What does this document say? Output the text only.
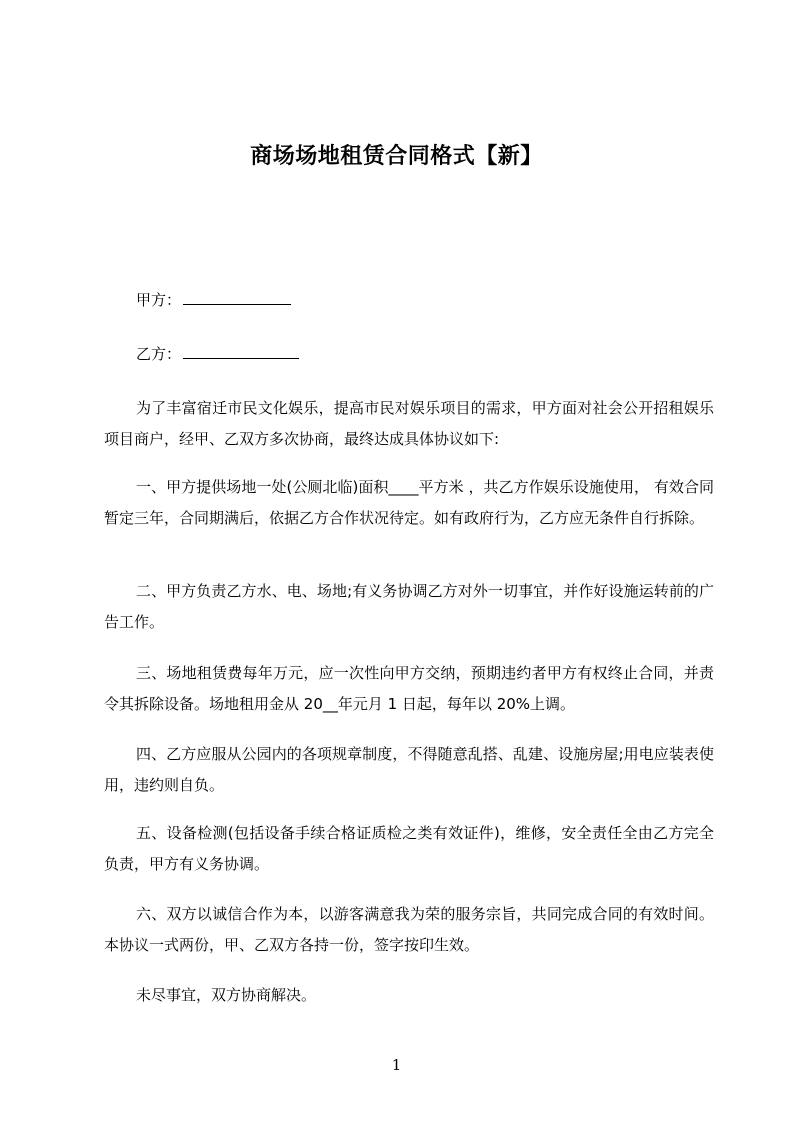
商场场地租赁合同格式【新】
甲方：
乙方：
为了丰富宿迁市民文化娱乐，提高市民对娱乐项目的需求，甲方面对社会公开招租娱乐项目商户，经甲、乙双方多次协商，最终达成具体协议如下:
一、甲方提供场地一处(公厕北临)面积____平方米 ，共乙方作娱乐设施使用， 有效合同暂定三年，合同期满后，依据乙方合作状况待定。如有政府行为，乙方应无条件自行拆除。
二、甲方负责乙方水、电、场地;有义务协调乙方对外一切事宜，并作好设施运转前的广告工作。
三、场地租赁费每年万元，应一次性向甲方交纳，预期违约者甲方有权终止合同，并责令其拆除设备。场地租用金从 20__年元月 1 日起，每年以 20%上调。
四、乙方应服从公园内的各项规章制度，不得随意乱搭、乱建、设施房屋;用电应装表使用，违约则自负。
五、设备检测(包括设备手续合格证质检之类有效证件)，维修，安全责任全由乙方完全负责，甲方有义务协调。
六、双方以诚信合作为本，以游客满意我为荣的服务宗旨，共同完成合同的有效时间。本协议一式两份，甲、乙双方各持一份，签字按印生效。
未尽事宜，双方协商解决。
1
